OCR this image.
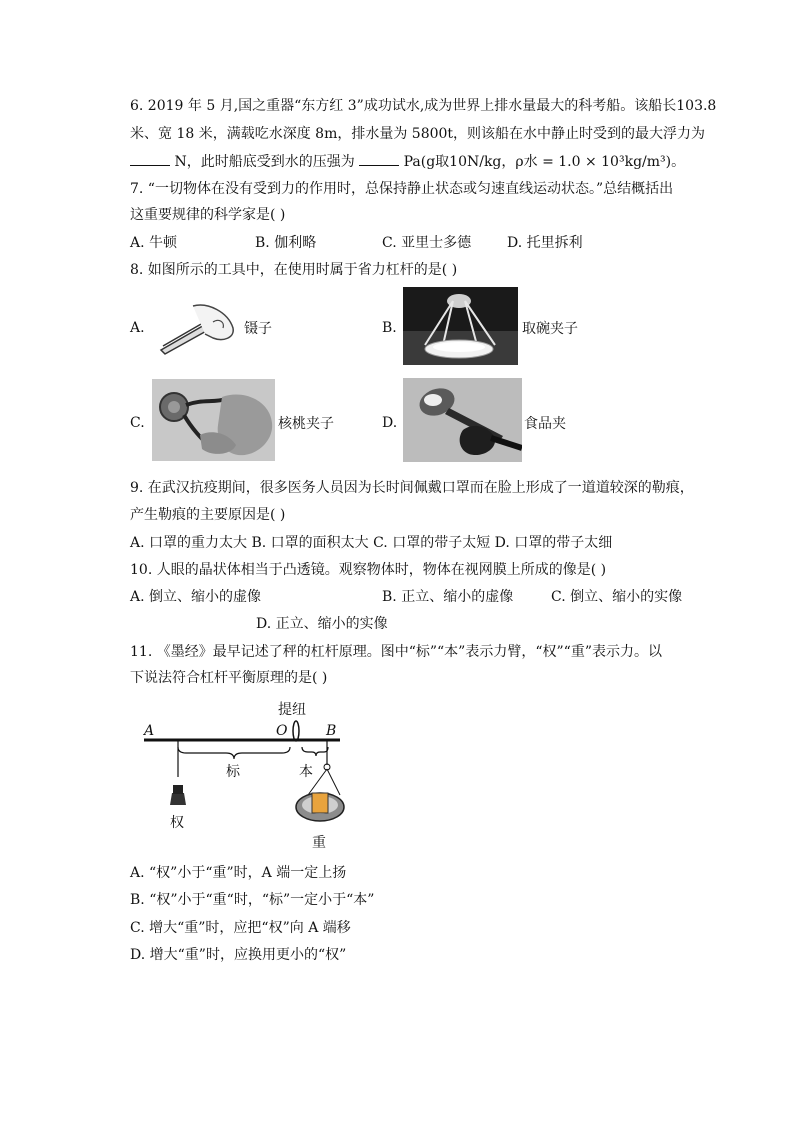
6. 2019 年 5 月,国之重器“东方红 3”成功试水,成为世界上排水量最大的科考船。该船长103.8
米、宽 18 米，满载吃水深度 8m，排水量为 5800t，则该船在水中静止时受到的最大浮力为
N，此时船底受到水的压强为	Pa(g取10N/kg，ρ水 = 1.0 × 10³kg/m³)。
7. “一切物体在没有受到力的作用时，总保持静止状态或匀速直线运动状态。”总结概括出
这重要规律的科学家是( )
A. 牛顿	B. 伽利略	C. 亚里士多德	D. 托里拆利
8. 如图所示的工具中，在使用时属于省力杠杆的是( )
A.	镊子	B.	取碗夹子
C.	核桃夹子	D.	食品夹
9. 在武汉抗疫期间，很多医务人员因为长时间佩戴口罩而在脸上形成了一道道较深的勒痕，
产生勒痕的主要原因是( )
A. 口罩的重力太大 B. 口罩的面积太大 C. 口罩的带子太短 D. 口罩的带子太细
10. 人眼的晶状体相当于凸透镜。观察物体时，物体在视网膜上所成的像是( )
A. 倒立、缩小的虚像	B. 正立、缩小的虚像	C. 倒立、缩小的实像
D. 正立、缩小的实像
11. 《墨经》最早记述了秤的杠杆原理。图中“标”“本”表示力臂，“权”“重”表示力。以
下说法符合杠杆平衡原理的是( )
A	O	B
提纽
标	本
权
重
A. “权”小于“重”时，A 端一定上扬
B. “权”小于“重“时，“标”一定小于“本”
C. 增大“重”时，应把“权”向 A 端移
D. 增大“重”时，应换用更小的“权”
